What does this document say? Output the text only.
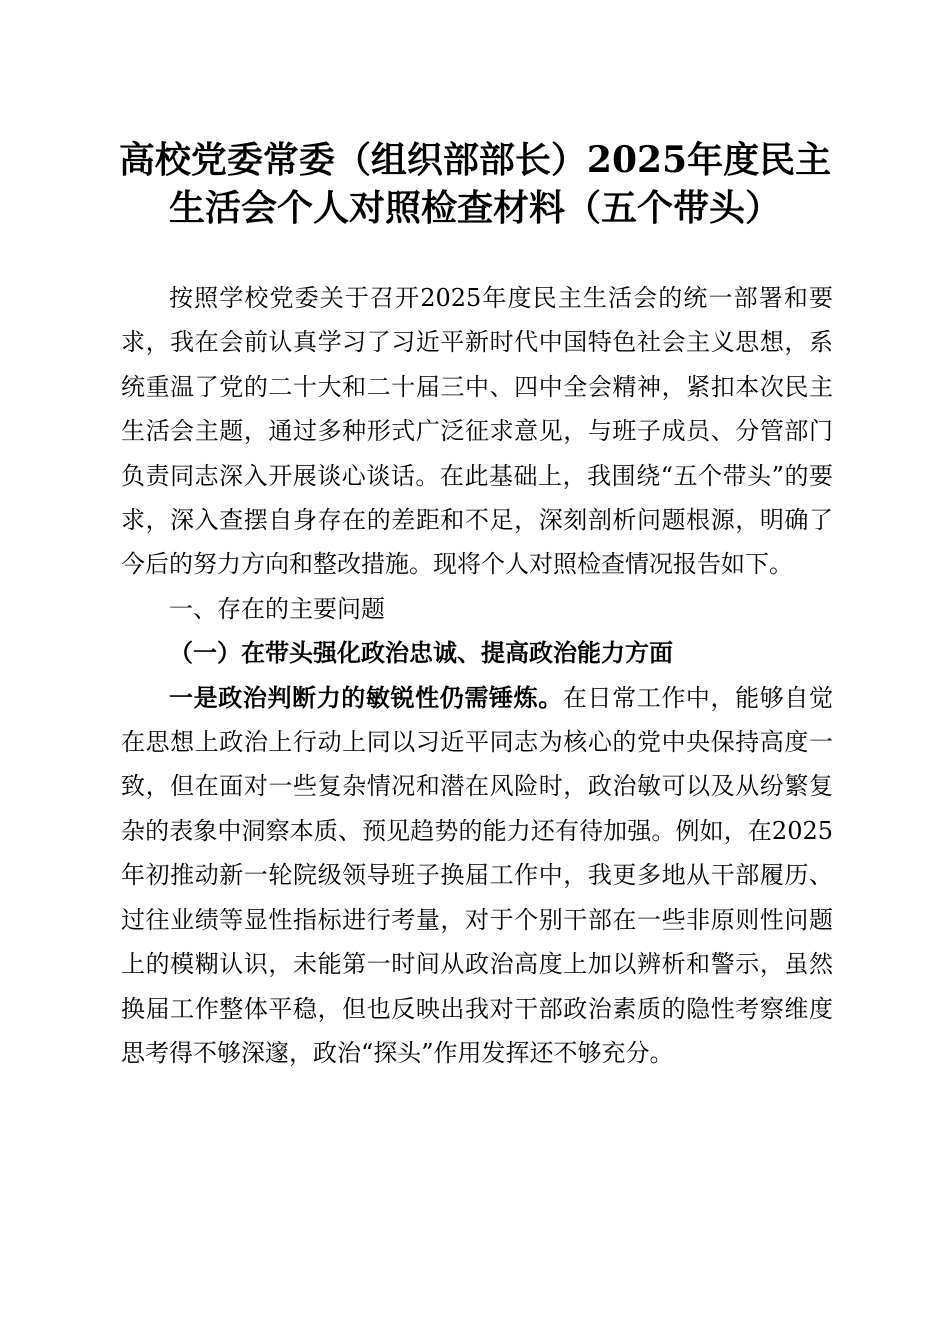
高校党委常委（组织部部长）2025年度民主
生活会个人对照检查材料（五个带头）

按照学校党委关于召开2025年度民主生活会的统一部署和要求，我在会前认真学习了习近平新时代中国特色社会主义思想，系统重温了党的二十大和二十届三中、四中全会精神，紧扣本次民主生活会主题，通过多种形式广泛征求意见，与班子成员、分管部门负责同志深入开展谈心谈话。在此基础上，我围绕“五个带头”的要求，深入查摆自身存在的差距和不足，深刻剖析问题根源，明确了今后的努力方向和整改措施。现将个人对照检查情况报告如下。

一、存在的主要问题

（一）在带头强化政治忠诚、提高政治能力方面

一是政治判断力的敏锐性仍需锤炼。在日常工作中，能够自觉在思想上政治上行动上同以习近平同志为核心的党中央保持高度一致，但在面对一些复杂情况和潜在风险时，政治敏可以及从纷繁复杂的表象中洞察本质、预见趋势的能力还有待加强。例如，在2025年初推动新一轮院级领导班子换届工作中，我更多地从干部履历、过往业绩等显性指标进行考量，对于个别干部在一些非原则性问题上的模糊认识，未能第一时间从政治高度上加以辨析和警示，虽然换届工作整体平稳，但也反映出我对干部政治素质的隐性考察维度思考得不够深邃，政治“探头”作用发挥还不够充分。
